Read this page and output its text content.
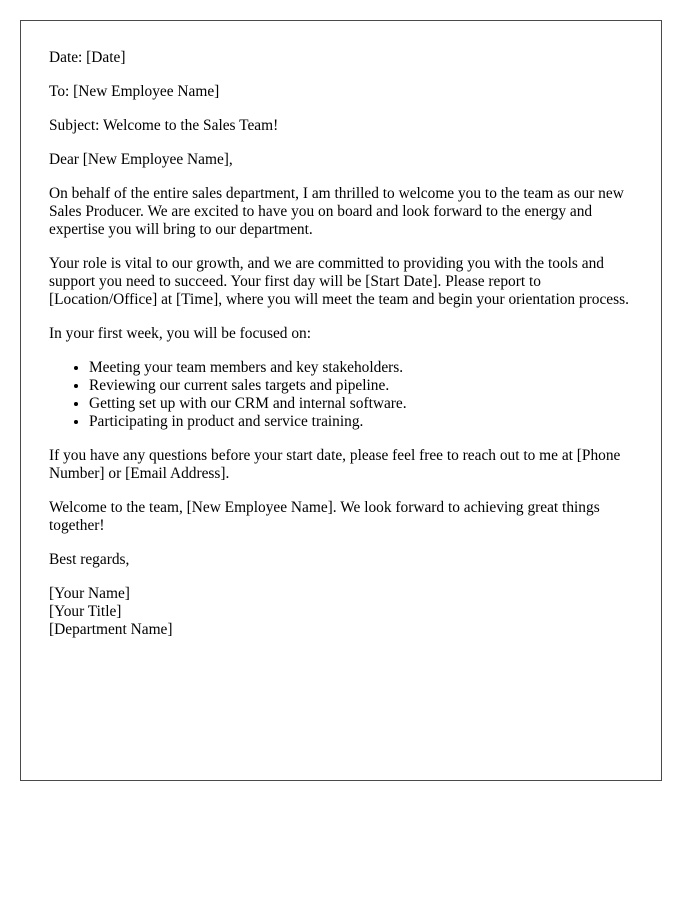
Date: [Date]

To: [New Employee Name]

Subject: Welcome to the Sales Team!

Dear [New Employee Name],

On behalf of the entire sales department, I am thrilled to welcome you to the team as our new Sales Producer. We are excited to have you on board and look forward to the energy and expertise you will bring to our department.

Your role is vital to our growth, and we are committed to providing you with the tools and support you need to succeed. Your first day will be [Start Date]. Please report to [Location/Office] at [Time], where you will meet the team and begin your orientation process.

In your first week, you will be focused on:

• Meeting your team members and key stakeholders.
• Reviewing our current sales targets and pipeline.
• Getting set up with our CRM and internal software.
• Participating in product and service training.

If you have any questions before your start date, please feel free to reach out to me at [Phone Number] or [Email Address].

Welcome to the team, [New Employee Name]. We look forward to achieving great things together!

Best regards,

[Your Name]
[Your Title]
[Department Name]
